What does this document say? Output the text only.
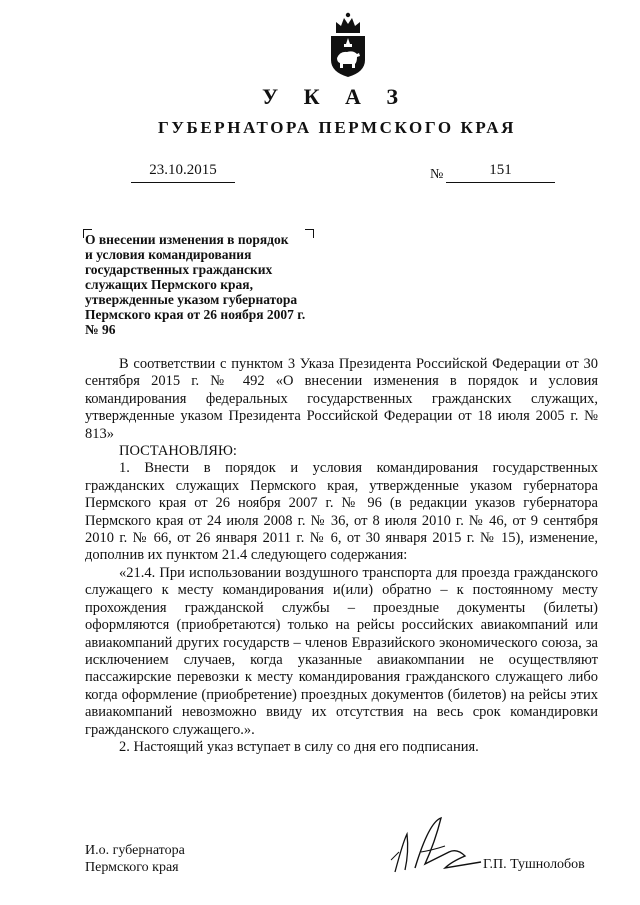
У К А З
ГУБЕРНАТОРА ПЕРМСКОГО КРАЯ
23.10.2015	№	151
О внесении изменения в порядок
и условия командирования
государственных гражданских
служащих Пермского края,
утвержденные указом губернатора
Пермского края от 26 ноября 2007 г.
№ 96
В соответствии с пунктом 3 Указа Президента Российской Федерации от 30 сентября 2015 г. № 492 «О внесении изменения в порядок и условия командирования федеральных государственных гражданских служащих, утвержденные указом Президента Российской Федерации от 18 июля 2005 г. № 813»
ПОСТАНОВЛЯЮ:
1. Внести в порядок и условия командирования государственных гражданских служащих Пермского края, утвержденные указом губернатора Пермского края от 26 ноября 2007 г. № 96 (в редакции указов губернатора Пермского края от 24 июля 2008 г. № 36, от 8 июля 2010 г. № 46, от 9 сентября 2010 г. № 66, от 26 января 2011 г. № 6, от 30 января 2015 г. № 15), изменение, дополнив их пунктом 21.4 следующего содержания:
«21.4. При использовании воздушного транспорта для проезда гражданского служащего к месту командирования и(или) обратно – к постоянному месту прохождения гражданской службы – проездные документы (билеты) оформляются (приобретаются) только на рейсы российских авиакомпаний или авиакомпаний других государств – членов Евразийского экономического союза, за исключением случаев, когда указанные авиакомпании не осуществляют пассажирские перевозки к месту командирования гражданского служащего либо когда оформление (приобретение) проездных документов (билетов) на рейсы этих авиакомпаний невозможно ввиду их отсутствия на весь срок командировки гражданского служащего.».
2. Настоящий указ вступает в силу со дня его подписания.
И.о. губернатора
Пермского края	Г.П. Тушнолобов
